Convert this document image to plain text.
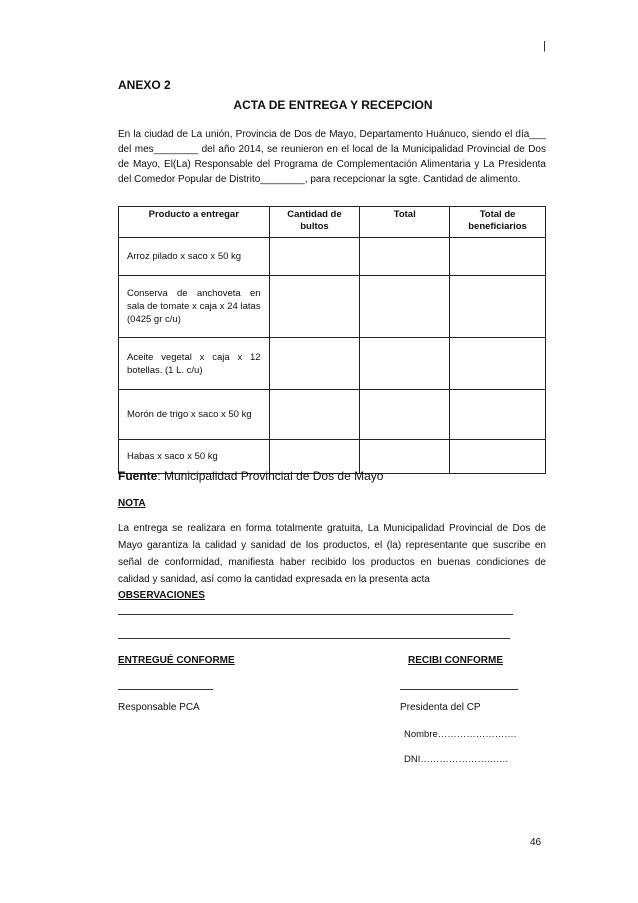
|
ANEXO 2
ACTA DE ENTREGA Y RECEPCION
En la ciudad de La unión, Provincia de Dos de Mayo, Departamento Huánuco, siendo el día___ del mes________ del año 2014, se reunieron en el local de la Municipalidad Provincial de Dos de Mayo, El(La) Responsable del Programa de Complementación Alimentaria y La Presidenta del Comedor Popular de Distrito________, para recepcionar la sgte. Cantidad de alimento.
Producto a entregar	Cantidad de bultos	Total	Total de beneficiarios
Arroz pilado x saco x 50 kg			
Conserva de anchoveta en sala de tomate x caja x 24 latas (0425 gr c/u)			
Aceite vegetal x caja x 12 botellas. (1 L. c/u)			
Morón de trigo x saco x 50 kg			
Habas x saco x 50 kg			
Fuente: Municipalidad Provincial de Dos de Mayo
NOTA
La entrega se realizara en forma totalmente gratuita, La Municipalidad Provincial de Dos de Mayo garantiza la calidad y sanidad de los productos, el (la) representante que suscribe en señal de conformidad, manifiesta haber recibido los productos en buenas condiciones de calidad y sanidad, así como la cantidad expresada en la presenta acta
OBSERVACIONES
ENTREGUÉ CONFORME	RECIBI CONFORME
Responsable PCA	Presidenta del CP
Nombre…………………….
DNI…………………….…
46
